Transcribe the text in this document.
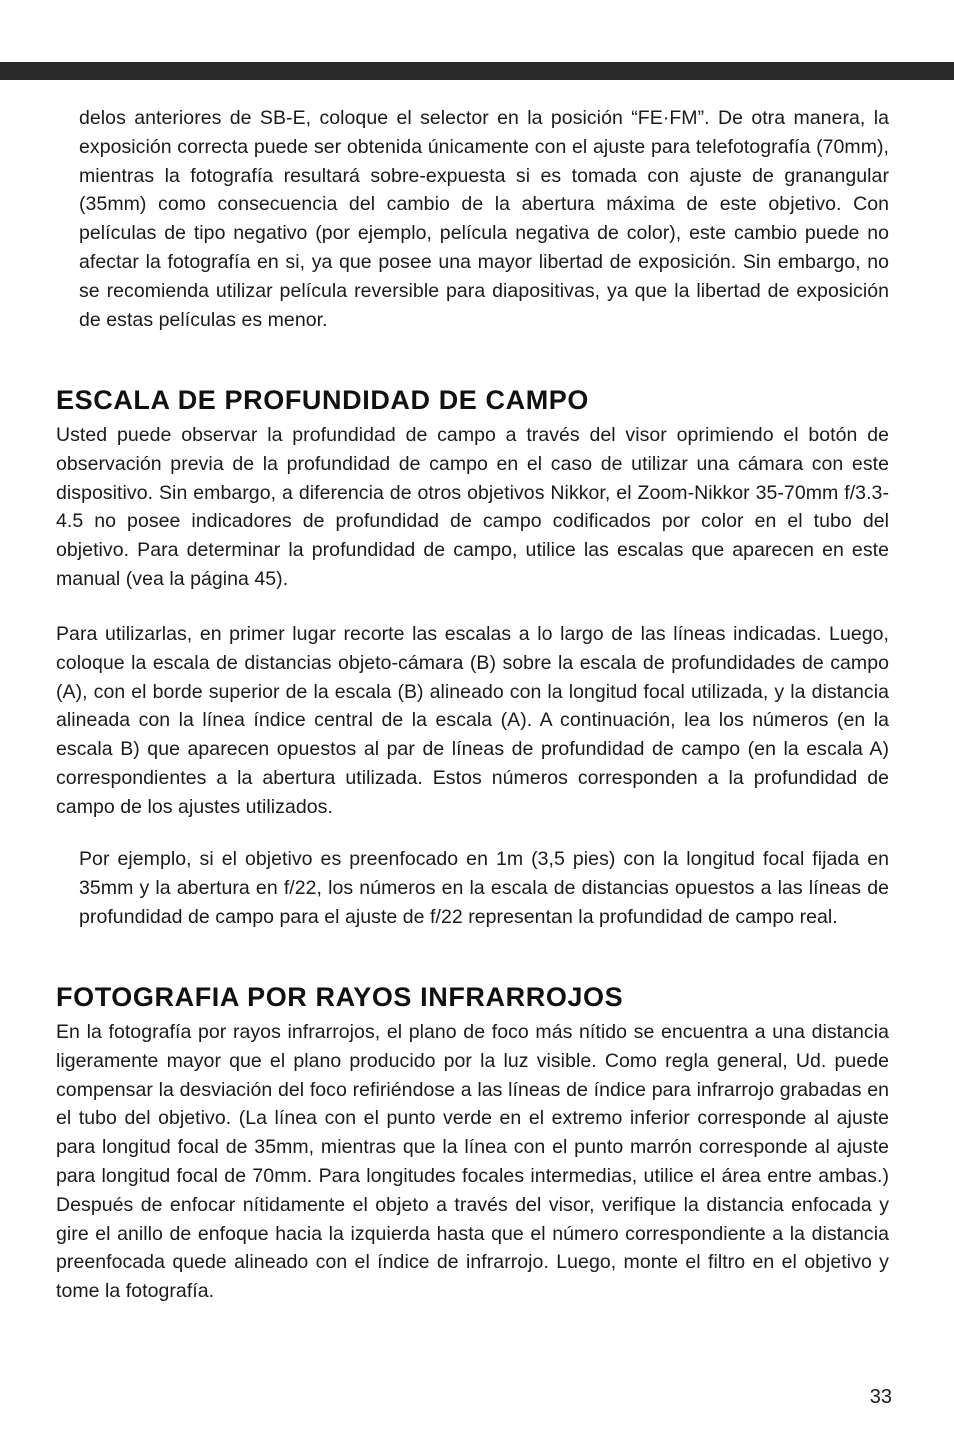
delos anteriores de SB-E, coloque el selector en la posición “FE·FM”. De otra manera, la exposición correcta puede ser obtenida únicamente con el ajuste para telefotografía (70mm), mientras la fotografía resultará sobre-expuesta si es tomada con ajuste de granangular (35mm) como consecuencia del cambio de la abertura máxima de este objetivo. Con películas de tipo negativo (por ejemplo, película negativa de color), este cambio puede no afectar la fotografía en si, ya que posee una mayor libertad de exposición. Sin embargo, no se recomienda utilizar película reversible para diapositivas, ya que la libertad de exposición de estas películas es menor.

ESCALA DE PROFUNDIDAD DE CAMPO

Usted puede observar la profundidad de campo a través del visor oprimiendo el botón de observación previa de la profundidad de campo en el caso de utilizar una cámara con este dispositivo. Sin embargo, a diferencia de otros objetivos Nikkor, el Zoom-Nikkor 35-70mm f/3.3-4.5 no posee indicadores de profundidad de campo codificados por color en el tubo del objetivo. Para determinar la profundidad de campo, utilice las escalas que aparecen en este manual (vea la página 45).

Para utilizarlas, en primer lugar recorte las escalas a lo largo de las líneas indicadas. Luego, coloque la escala de distancias objeto-cámara (B) sobre la escala de profundidades de campo (A), con el borde superior de la escala (B) alineado con la longitud focal utilizada, y la distancia alineada con la línea índice central de la escala (A). A continuación, lea los números (en la escala B) que aparecen opuestos al par de líneas de profundidad de campo (en la escala A) correspondientes a la abertura utilizada. Estos números corresponden a la profundidad de campo de los ajustes utilizados.

Por ejemplo, si el objetivo es preenfocado en 1m (3,5 pies) con la longitud focal fijada en 35mm y la abertura en f/22, los números en la escala de distancias opuestos a las líneas de profundidad de campo para el ajuste de f/22 representan la profundidad de campo real.

FOTOGRAFIA POR RAYOS INFRARROJOS

En la fotografía por rayos infrarrojos, el plano de foco más nítido se encuentra a una distancia ligeramente mayor que el plano producido por la luz visible. Como regla general, Ud. puede compensar la desviación del foco refiriéndose a las líneas de índice para infrarrojo grabadas en el tubo del objetivo. (La línea con el punto verde en el extremo inferior corresponde al ajuste para longitud focal de 35mm, mientras que la línea con el punto marrón corresponde al ajuste para longitud focal de 70mm. Para longitudes focales intermedias, utilice el área entre ambas.) Después de enfocar nítidamente el objeto a través del visor, verifique la distancia enfocada y gire el anillo de enfoque hacia la izquierda hasta que el número correspondiente a la distancia preenfocada quede alineado con el índice de infrarrojo. Luego, monte el filtro en el objetivo y tome la fotografía.

33
